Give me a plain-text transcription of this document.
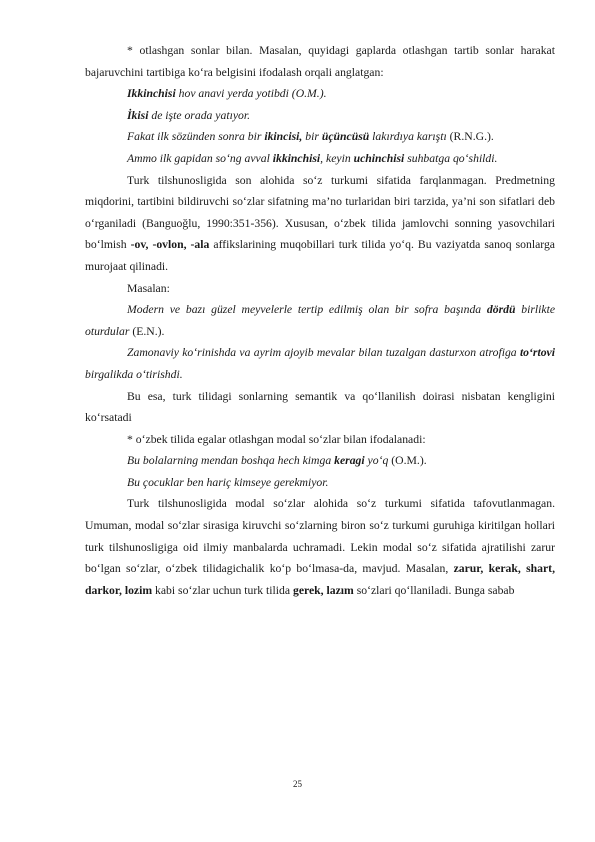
* otlashgan sonlar bilan. Masalan, quyidagi gaplarda otlashgan tartib sonlar harakat bajaruvchini tartibiga ko‘ra belgisini ifodalash orqali anglatgan:

Ikkinchisi hov anavi yerda yotibdi (O.M.).

İkisi de işte orada yatıyor.

Fakat ilk sözünden sonra bir ikincisi, bir üçüncüsü lakırdıya karıştı (R.N.G.).

Ammo ilk gapidan so‘ng avval ikkinchisi, keyin uchinchisi suhbatga qo‘shildi.

Turk tilshunosligida son alohida so‘z turkumi sifatida farqlanmagan. Predmetning miqdorini, tartibini bildiruvchi so‘zlar sifatning ma’no turlaridan biri tarzida, ya’ni son sifatlari deb o‘rganiladi (Banguoğlu, 1990:351-356). Xususan, o‘zbek tilida jamlovchi sonning yasovchilari bo‘lmish -ov, -ovlon, -ala affikslarining muqobillari turk tilida yo‘q. Bu vaziyatda sanoq sonlarga murojaat qilinadi.

Masalan:

Modern ve bazı güzel meyvelerle tertip edilmiş olan bir sofra başında dördü birlikte oturdular (E.N.).

Zamonaviy ko‘rinishda va ayrim ajoyib mevalar bilan tuzalgan dasturxon atrofiga to‘rtovi birgalikda o‘tirishdi.

Bu esa, turk tilidagi sonlarning semantik va qo‘llanilish doirasi nisbatan kengligini ko‘rsatadi

* o‘zbek tilida egalar otlashgan modal so‘zlar bilan ifodalanadi:

Bu bolalarning mendan boshqa hech kimga keragi yo‘q (O.M.).

Bu çocuklar ben hariç kimseye gerekmiyor.

Turk tilshunosligida modal so‘zlar alohida so‘z turkumi sifatida tafovutlanmagan. Umuman, modal so‘zlar sirasiga kiruvchi so‘zlarning biron so‘z turkumi guruhiga kiritilgan hollari turk tilshunosligiga oid ilmiy manbalarda uchramadi. Lekin modal so‘z sifatida ajratilishi zarur bo‘lgan so‘zlar, o‘zbek tilidagichalik ko‘p bo‘lmasa-da, mavjud. Masalan, zarur, kerak, shart, darkor, lozim kabi so‘zlar uchun turk tilida gerek, lazım so‘zlari qo‘llaniladi. Bunga sabab

25
